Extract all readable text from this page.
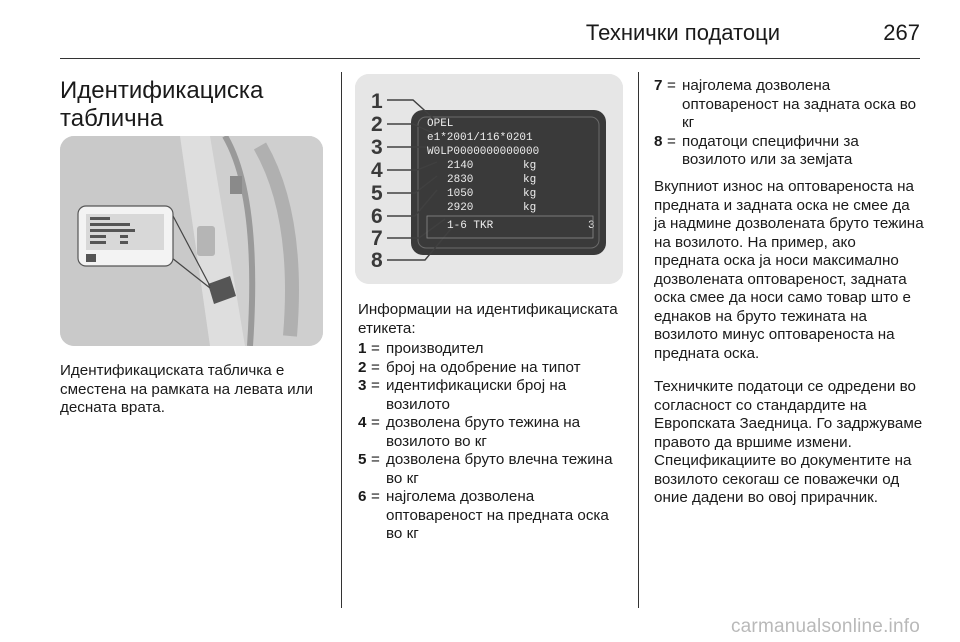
Технички податоци	267
Идентификациска таблична
Идентификациската табличка е сместена на рамката на левата или десната врата.
1
2
3
4
5
6
7
8
OPEL
e1*2001/116*0201
W0LP0000000000000
2140
2830
1050
2920
1-6 TKR
kg
kg
kg
kg
3
Информации на идентификациската етикета:
1 = производител
2 = број на одобрение на типот
3 = идентификациски број на возилото
4 = дозволена бруто тежина на возилото во кг
5 = дозволена бруто влечна тежина во кг
6 = најголема дозволена оптовареност на предната оска во кг
7 = најголема дозволена оптовареност на задната оска во кг
8 = податоци специфични за возилото или за земјата
Вкупниот износ на оптовареноста на предната и задната оска не смее да ја надмине дозволената бруто тежина на возилото. На пример, ако предната оска ја носи максимално дозволената оптовареност, задната оска смее да носи само товар што е еднаков на бруто тежината на возилото минус оптовареноста на предната оска.
Техничките податоци се одредени во согласност со стандардите на Европската Заедница. Го задржуваме правото да вршиме измени. Спецификациите во документите на возилото секогаш се поважечки од оние дадени во овој прирачник.
carmanualsonline.info
